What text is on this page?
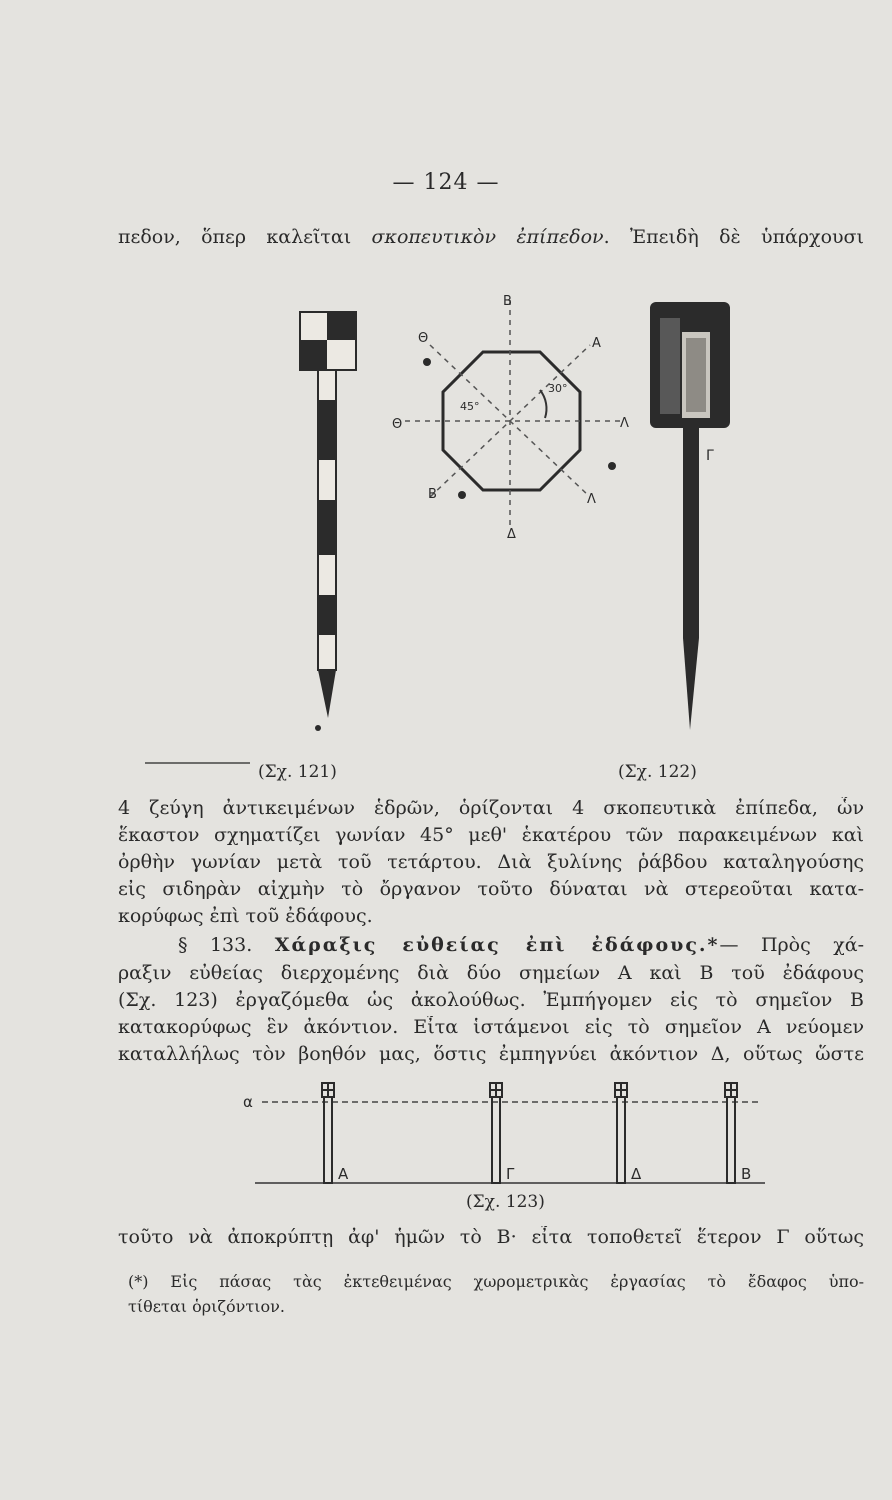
— 124 —
πεδον, ὅπερ καλεῖται σκοπευτικὸν ἐπίπεδον. Ἐπειδὴ δὲ ὑπάρχουσι
Β
Α
Θ
Λ
Β	Λ
Δ
Θ
45°
30°
Γ
(Σχ. 121)	(Σχ. 122)
4 ζεύγη ἀντικειμένων ἑδρῶν, ὁρίζονται 4 σκοπευτικὰ ἐπίπεδα, ὧν
ἕκαστον σχηματίζει γωνίαν 45° μεθ' ἑκατέρου τῶν παρακειμένων καὶ
ὀρθὴν γωνίαν μετὰ τοῦ τετάρτου. Διὰ ξυλίνης ῥάβδου καταληγούσης
εἰς σιδηρὰν αἰχμὴν τὸ ὄργανον τοῦτο δύναται νὰ στερεοῦται κατα-
κορύφως ἐπὶ τοῦ ἐδάφους.
§ 133. Χάραξις εὐθείας ἐπὶ ἐδάφους.*— Πρὸς χά-
ραξιν εὐθείας διερχομένης διὰ δύο σημείων Α καὶ Β τοῦ ἐδάφους
(Σχ. 123) ἐργαζόμεθα ὡς ἀκολούθως. Ἐμπήγομεν εἰς τὸ σημεῖον Β
κατακορύφως ἓν ἀκόντιον. Εἶτα ἱστάμενοι εἰς τὸ σημεῖον Α νεύομεν
καταλλήλως τὸν βοηθόν μας, ὅστις ἐμπηγνύει ἀκόντιον Δ, οὕτως ὥστε
α
Α	Γ	Δ	Β
(Σχ. 123)
τοῦτο νὰ ἀποκρύπτῃ ἀφ' ἡμῶν τὸ Β· εἶτα τοποθετεῖ ἕτερον Γ οὕτως
(*) Εἰς πάσας τὰς ἐκτεθειμένας χωρομετρικὰς ἐργασίας τὸ ἔδαφος ὑπο-
τίθεται ὁριζόντιον.
